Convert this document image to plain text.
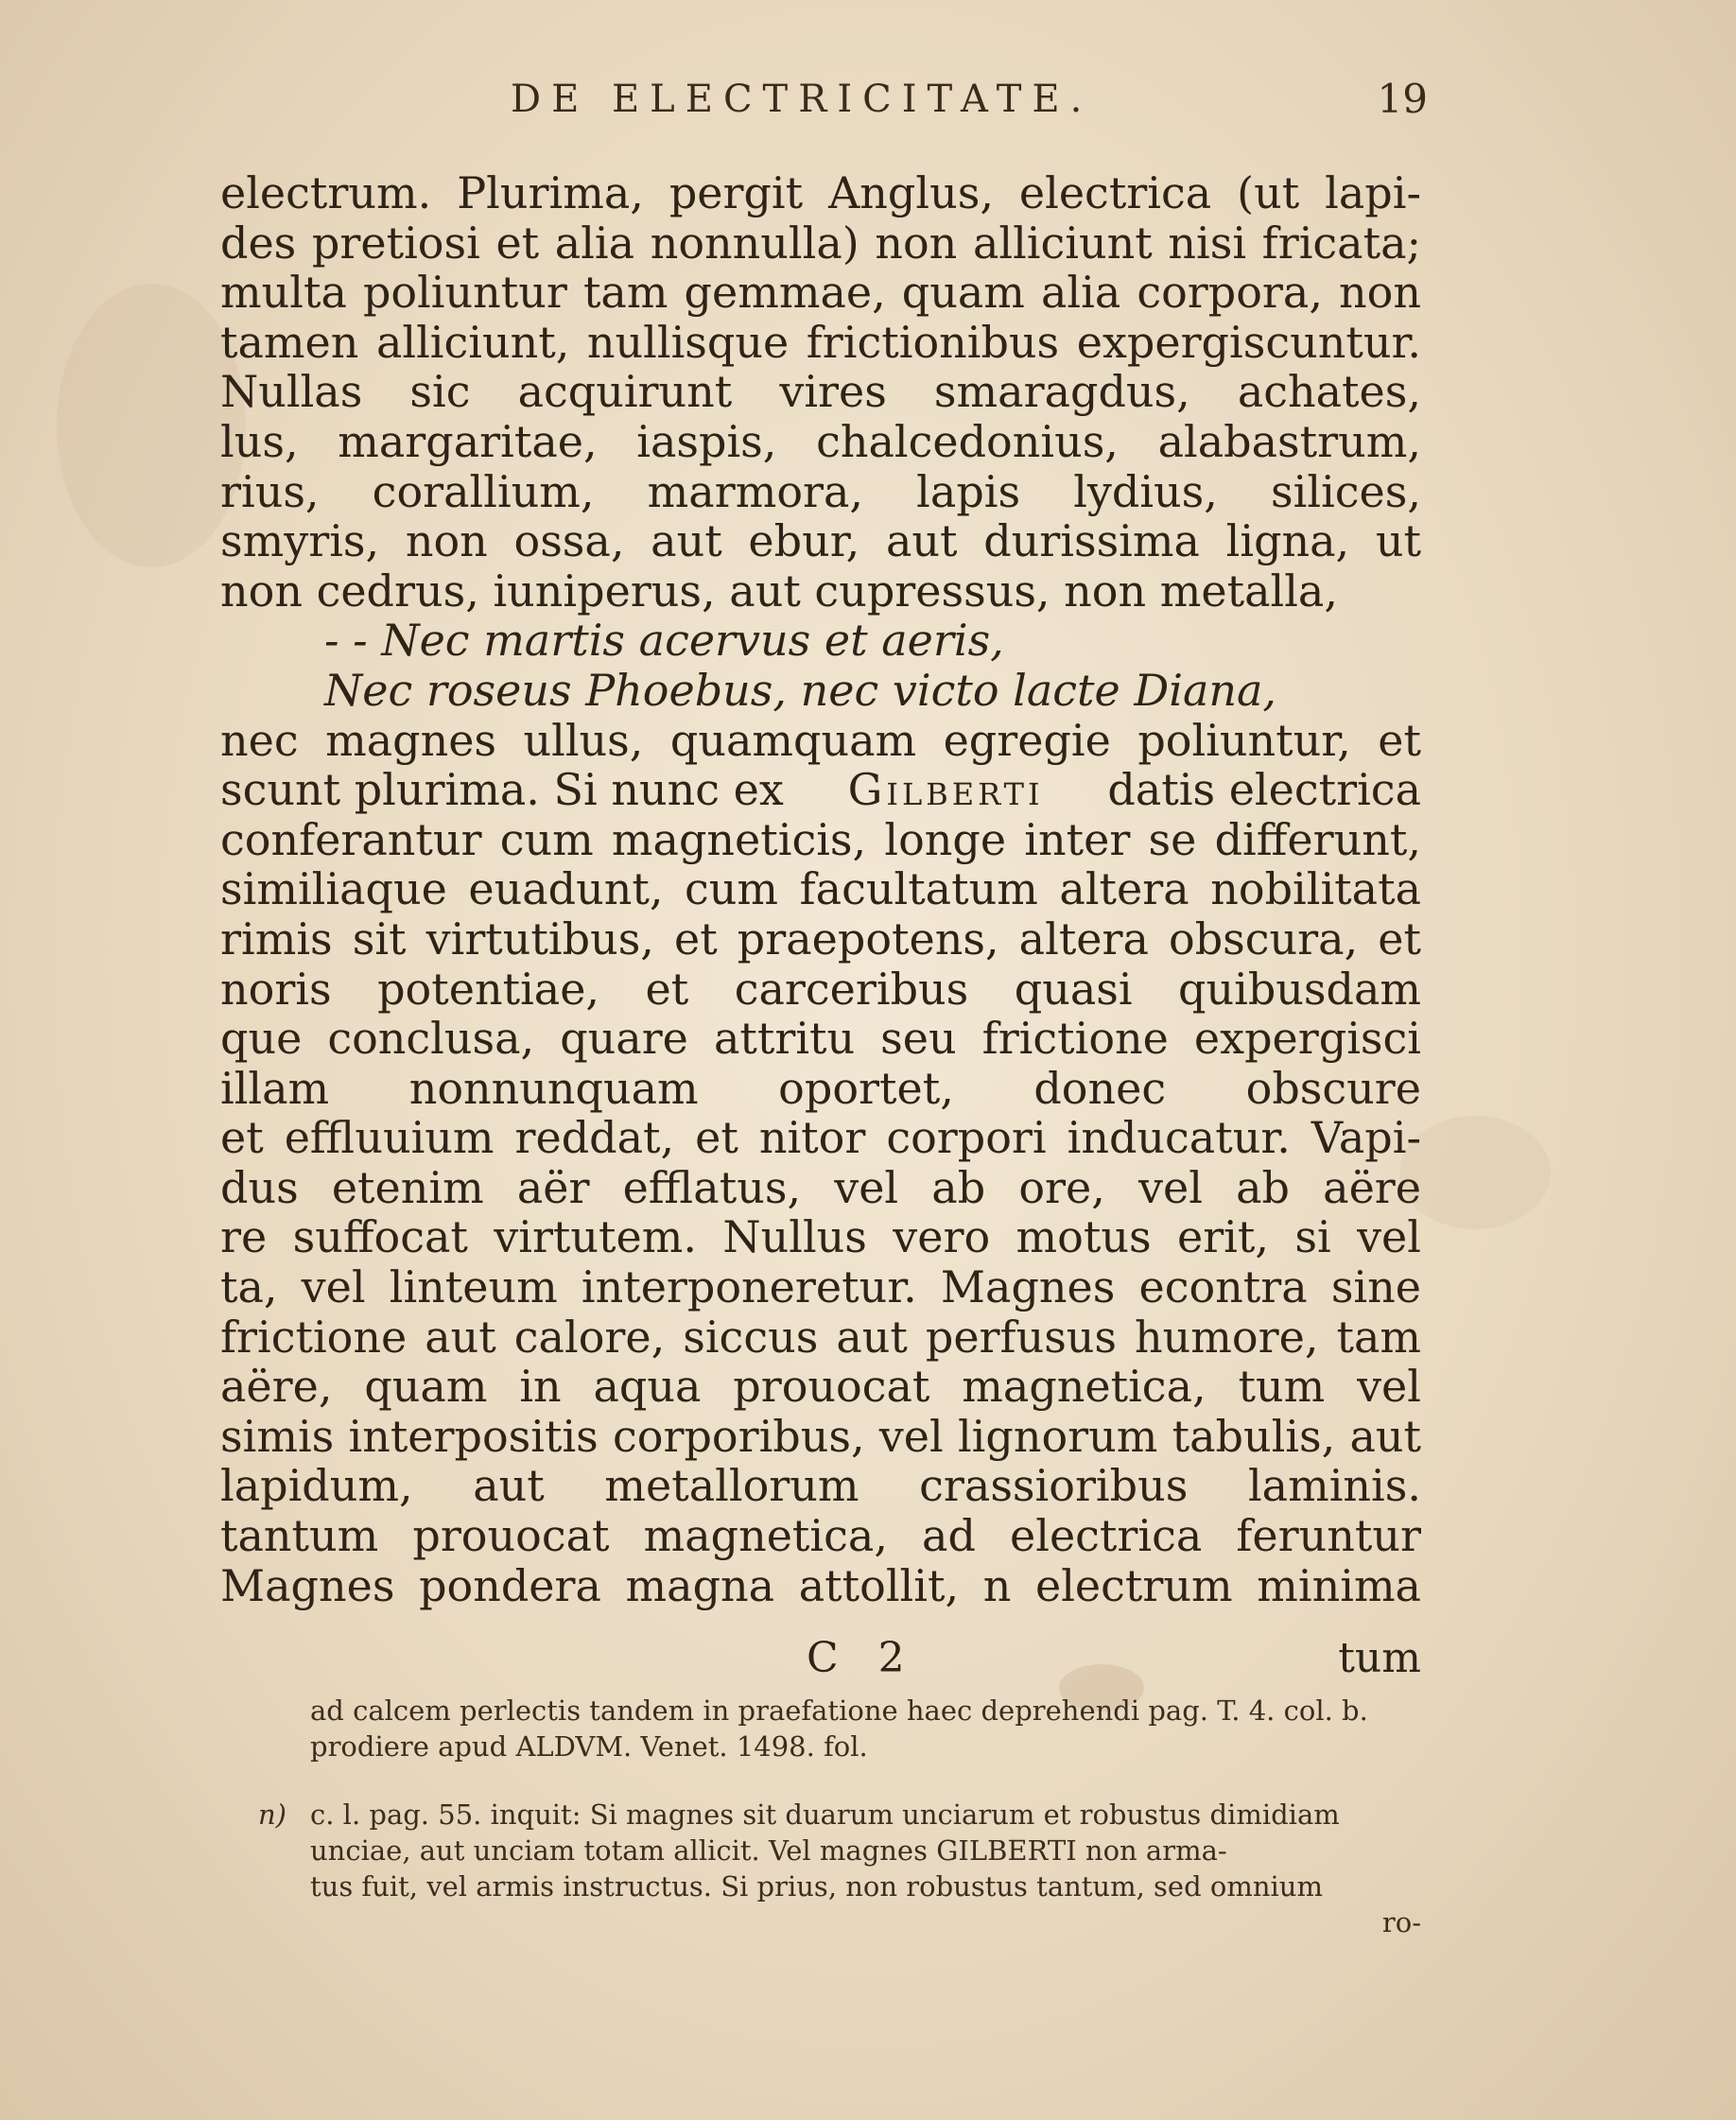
DE ELECTRICITATE.	19
electrum. Plurima, pergit Anglus, electrica (ut lapi-
des pretiosi et alia nonnulla) non alliciunt nisi fricata;
multa poliuntur tam gemmae, quam alia corpora, non
tamen alliciunt, nullisque frictionibus expergiscuntur.
Nullas sic acquirunt vires smaragdus, achates,
lus, margaritae, iaspis, chalcedonius, alabastrum,
rius, corallium, marmora, lapis lydius, silices,
smyris, non ossa, aut ebur, aut durissima ligna, ut
non cedrus, iuniperus, aut cupressus, non metalla,
- - Nec martis acervus et aeris,
Nec roseus Phoebus, nec victo lacte Diana,
nec magnes ullus, quamquam egregie poliuntur, et
scunt plurima. Si nunc ex Gilberti datis electrica
conferantur cum magneticis, longe inter se differunt,
similiaque euadunt, cum facultatum altera nobilitata
rimis sit virtutibus, et praepotens, altera obscura, et
noris potentiae, et carceribus quasi quibusdam
que conclusa, quare attritu seu frictione expergisci
illam nonnunquam oportet, donec obscure
et effluuium reddat, et nitor corpori inducatur. Vapi-
dus etenim aër efflatus, vel ab ore, vel ab aëre
re suffocat virtutem. Nullus vero motus erit, si vel
ta, vel linteum interponeretur. Magnes econtra sine
frictione aut calore, siccus aut perfusus humore, tam
aëre, quam in aqua prouocat magnetica, tum vel
simis interpositis corporibus, vel lignorum tabulis, aut
lapidum, aut metallorum crassioribus laminis.
tantum prouocat magnetica, ad electrica feruntur
Magnes pondera magna attollit, n electrum minima
C 2	tum
ad calcem perlectis tandem in praefatione haec deprehendi pag. T. 4. col. b.
prodiere apud ALDVM. Venet. 1498. fol.
n) c. l. pag. 55. inquit: Si magnes sit duarum unciarum et robustus dimidiam
unciae, aut unciam totam allicit. Vel magnes GILBERTI non arma-
tus fuit, vel armis instructus. Si prius, non robustus tantum, sed omnium
ro-
